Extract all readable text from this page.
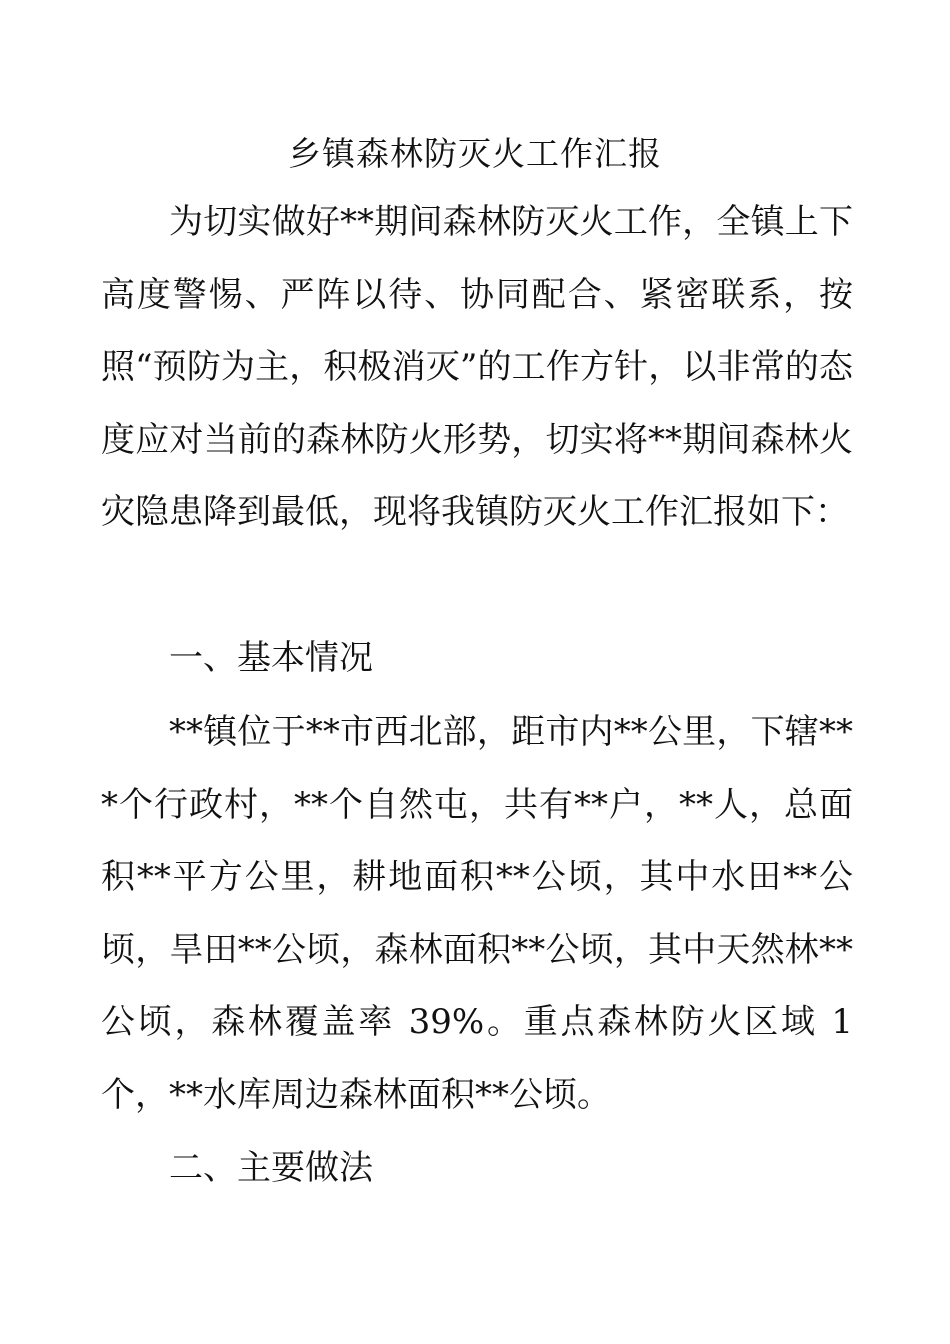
乡镇森林防灭火工作汇报

为切实做好**期间森林防灭火工作，全镇上下高度警惕、严阵以待、协同配合、紧密联系，按照“预防为主，积极消灭”的工作方针，以非常的态度应对当前的森林防火形势，切实将**期间森林火灾隐患降到最低，现将我镇防灭火工作汇报如下：

一、基本情况

**镇位于**市西北部，距市内**公里，下辖***个行政村，**个自然屯，共有**户，**人，总面积**平方公里，耕地面积**公顷，其中水田**公顷，旱田**公顷，森林面积**公顷，其中天然林**公顷，森林覆盖率 39%。重点森林防火区域 1 个，**水库周边森林面积**公顷。

二、主要做法
